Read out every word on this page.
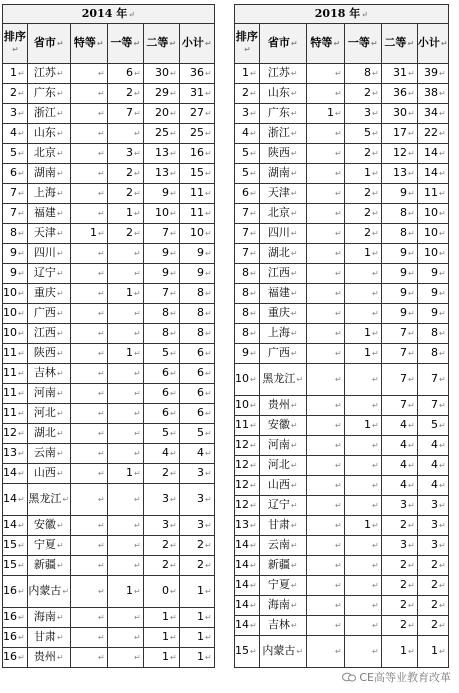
2014 年↵					
排序↵	省市↵	特等↵	一等↵	二等↵	小计↵
1↵	江苏↵	↵	6↵	30↵	36↵
2↵	广东↵	↵	2↵	29↵	31↵
3↵	浙江↵	↵	7↵	20↵	27↵
4↵	山东↵	↵	↵	25↵	25↵
5↵	北京↵	↵	3↵	13↵	16↵
6↵	湖南↵	↵	2↵	13↵	15↵
7↵	上海↵	↵	2↵	9↵	11↵
7↵	福建↵	↵	1↵	10↵	11↵
8↵	天津↵	1↵	2↵	7↵	10↵
9↵	四川↵	↵	↵	9↵	9↵
9↵	辽宁↵	↵	↵	9↵	9↵
10↵	重庆↵	↵	1↵	7↵	8↵
10↵	广西↵	↵	↵	8↵	8↵
10↵	江西↵	↵	↵	8↵	8↵
11↵	陕西↵	↵	1↵	5↵	6↵
11↵	吉林↵	↵	↵	6↵	6↵
11↵	河南↵	↵	↵	6↵	6↵
11↵	河北↵	↵	↵	6↵	6↵
12↵	湖北↵	↵	↵	5↵	5↵
13↵	云南↵	↵	↵	4↵	4↵
14↵	山西↵	↵	1↵	2↵	3↵
14↵	黑龙江↵	↵	↵	3↵	3↵
14↵	安徽↵	↵	↵	3↵	3↵
15↵	宁夏↵	↵	↵	2↵	2↵
15↵	新疆↵	↵	↵	2↵	2↵
16↵	内蒙古↵	↵	1↵	0↵	1↵
16↵	海南↵	↵	↵	1↵	1↵
16↵	甘肃↵	↵	↵	1↵	1↵
16↵	贵州↵	↵	↵	1↵	1↵
2018 年↵					
排序↵	省市↵	特等↵	一等↵	二等↵	小计↵
1↵	江苏↵	↵	8↵	31↵	39↵
2↵	山东↵	↵	2↵	36↵	38↵
3↵	广东↵	1↵	3↵	30↵	34↵
4↵	浙江↵	↵	5↵	17↵	22↵
5↵	陕西↵	↵	2↵	12↵	14↵
5↵	湖南↵	↵	1↵	13↵	14↵
6↵	天津↵	↵	2↵	9↵	11↵
7↵	北京↵	↵	2↵	8↵	10↵
7↵	四川↵	↵	2↵	8↵	10↵
7↵	湖北↵	↵	1↵	9↵	10↵
8↵	江西↵	↵	↵	9↵	9↵
8↵	福建↵	↵	↵	9↵	9↵
8↵	重庆↵	↵	↵	9↵	9↵
8↵	上海↵	↵	1↵	7↵	8↵
9↵	广西↵	↵	1↵	7↵	8↵
10↵	黑龙江↵	↵	↵	7↵	7↵
10↵	贵州↵	↵	↵	7↵	7↵
11↵	安徽↵	↵	1↵	4↵	5↵
12↵	河南↵	↵	↵	4↵	4↵
12↵	河北↵	↵	↵	4↵	4↵
12↵	山西↵	↵	↵	4↵	4↵
12↵	辽宁↵	↵	↵	3↵	3↵
13↵	甘肃↵	↵	1↵	2↵	3↵
14↵	云南↵	↵	↵	3↵	3↵
14↵	新疆↵	↵	↵	2↵	2↵
14↵	宁夏↵	↵	↵	2↵	2↵
14↵	海南↵	↵	↵	2↵	2↵
14↵	吉林↵	↵	↵	2↵	2↵
15↵	内蒙古↵	↵	↵	1↵	1↵
CE高等业教育改革
